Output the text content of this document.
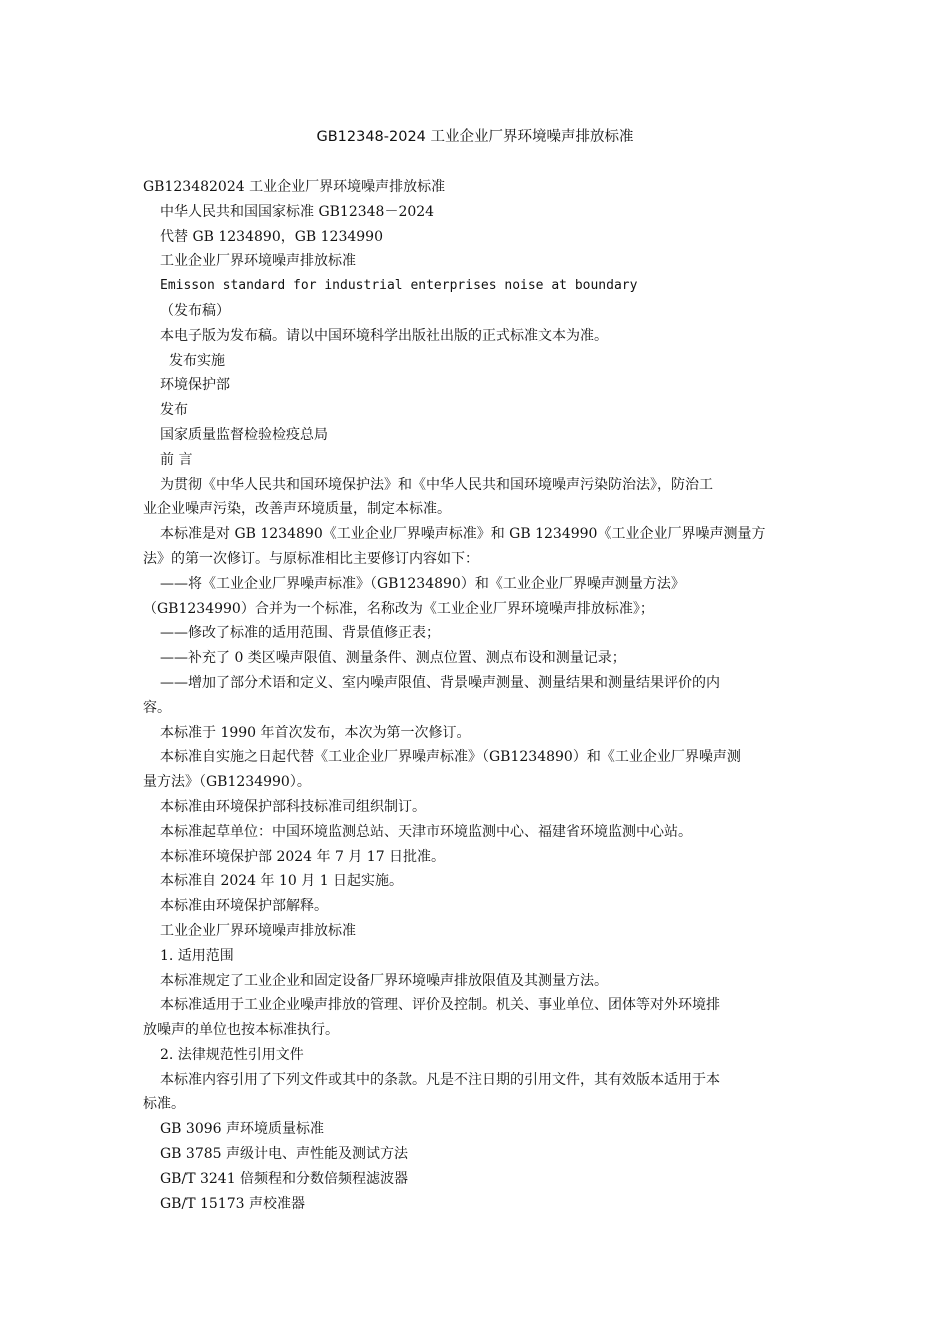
GB12348-2024 工业企业厂界环境噪声排放标准

GB123482024 工业企业厂界环境噪声排放标准

中华人民共和国国家标准 GB12348－2024

代替 GB 1234890，GB 1234990

工业企业厂界环境噪声排放标准

Emisson standard for industrial enterprises noise at boundary

（发布稿）

本电子版为发布稿。请以中国环境科学出版社出版的正式标准文本为准。

发布实施

环境保护部

发布

国家质量监督检验检疫总局

前 言

为贯彻《中华人民共和国环境保护法》和《中华人民共和国环境噪声污染防治法》，防治工

业企业噪声污染，改善声环境质量，制定本标准。

本标准是对 GB 1234890《工业企业厂界噪声标准》和 GB 1234990《工业企业厂界噪声测量方

法》的第一次修订。与原标准相比主要修订内容如下：

——将《工业企业厂界噪声标准》（GB1234890）和《工业企业厂界噪声测量方法》

（GB1234990）合并为一个标准，名称改为《工业企业厂界环境噪声排放标准》；

——修改了标准的适用范围、背景值修正表；

——补充了 0 类区噪声限值、测量条件、测点位置、测点布设和测量记录；

——增加了部分术语和定义、室内噪声限值、背景噪声测量、测量结果和测量结果评价的内

容。

本标准于 1990 年首次发布，本次为第一次修订。

本标准自实施之日起代替《工业企业厂界噪声标准》（GB1234890）和《工业企业厂界噪声测

量方法》（GB1234990）。

本标准由环境保护部科技标准司组织制订。

本标准起草单位：中国环境监测总站、天津市环境监测中心、福建省环境监测中心站。

本标准环境保护部 2024 年 7 月 17 日批准。

本标准自 2024 年 10 月 1 日起实施。

本标准由环境保护部解释。

工业企业厂界环境噪声排放标准

1. 适用范围

本标准规定了工业企业和固定设备厂界环境噪声排放限值及其测量方法。

本标准适用于工业企业噪声排放的管理、评价及控制。机关、事业单位、团体等对外环境排

放噪声的单位也按本标准执行。

2. 法律规范性引用文件

本标准内容引用了下列文件或其中的条款。凡是不注日期的引用文件，其有效版本适用于本

标准。

GB 3096 声环境质量标准

GB 3785 声级计电、声性能及测试方法

GB/T 3241 倍频程和分数倍频程滤波器

GB/T 15173 声校准器
